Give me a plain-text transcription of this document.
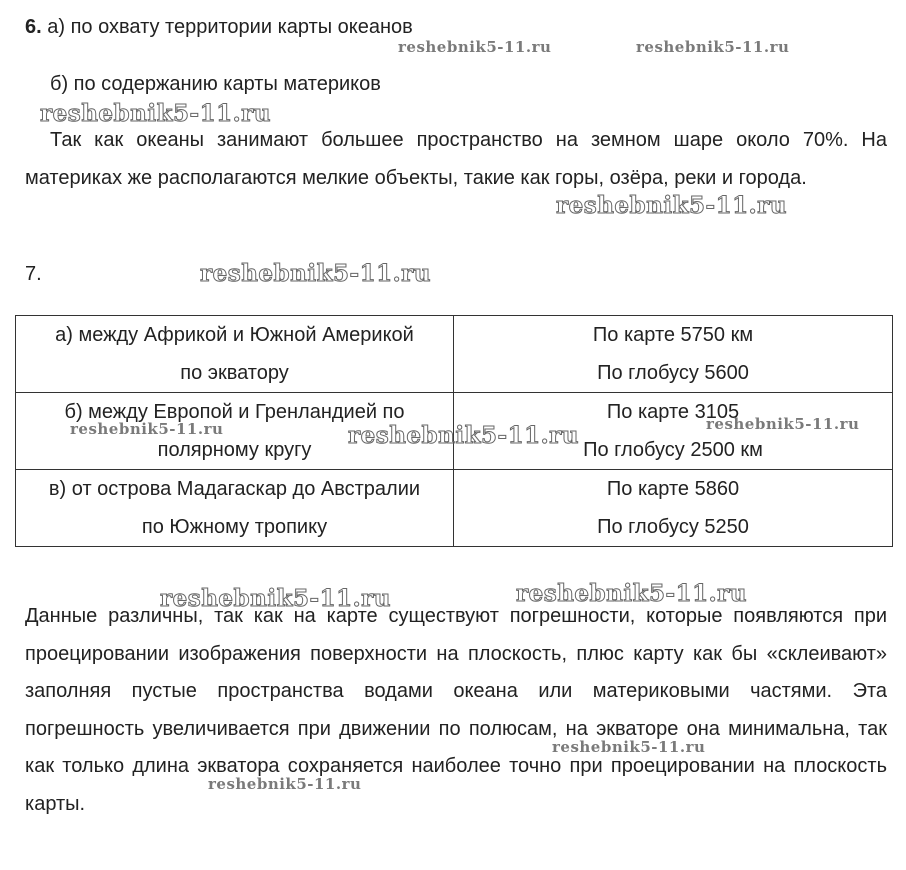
6. а) по охвату территории карты океанов
б) по содержанию карты материков
Так как океаны занимают большее пространство на земном шаре около 70%. На материках же располагаются мелкие объекты, такие как горы, озёра, реки и города.
7.
а) между Африкой и Южной Америкой
по экватору	По карте 5750 км
По глобусу 5600

б) между Европой и Гренландией по
полярному кругу	По карте 3105
По глобусу 2500 км

в) от острова Мадагаскар до Австралии
по Южному тропику	По карте 5860
По глобусу 5250
Данные различны, так как на карте существуют погрешности, которые появляются при проецировании изображения поверхности на плоскость, плюс карту как бы «склеивают» заполняя пустые пространства водами океана или материковыми частями. Эта погрешность увеличивается при движении по полюсам, на экваторе она минимальна, так как только длина экватора сохраняется наиболее точно при проецировании на плоскость карты.
reshebnik5-11.ru	reshebnik5-11.ru
reshebnik5-11.ru
reshebnik5-11.ru
reshebnik5-11.ru
reshebnik5-11.ru	reshebnik5-11.ru	reshebnik5-11.ru
reshebnik5-11.ru	reshebnik5-11.ru
reshebnik5-11.ru
reshebnik5-11.ru
